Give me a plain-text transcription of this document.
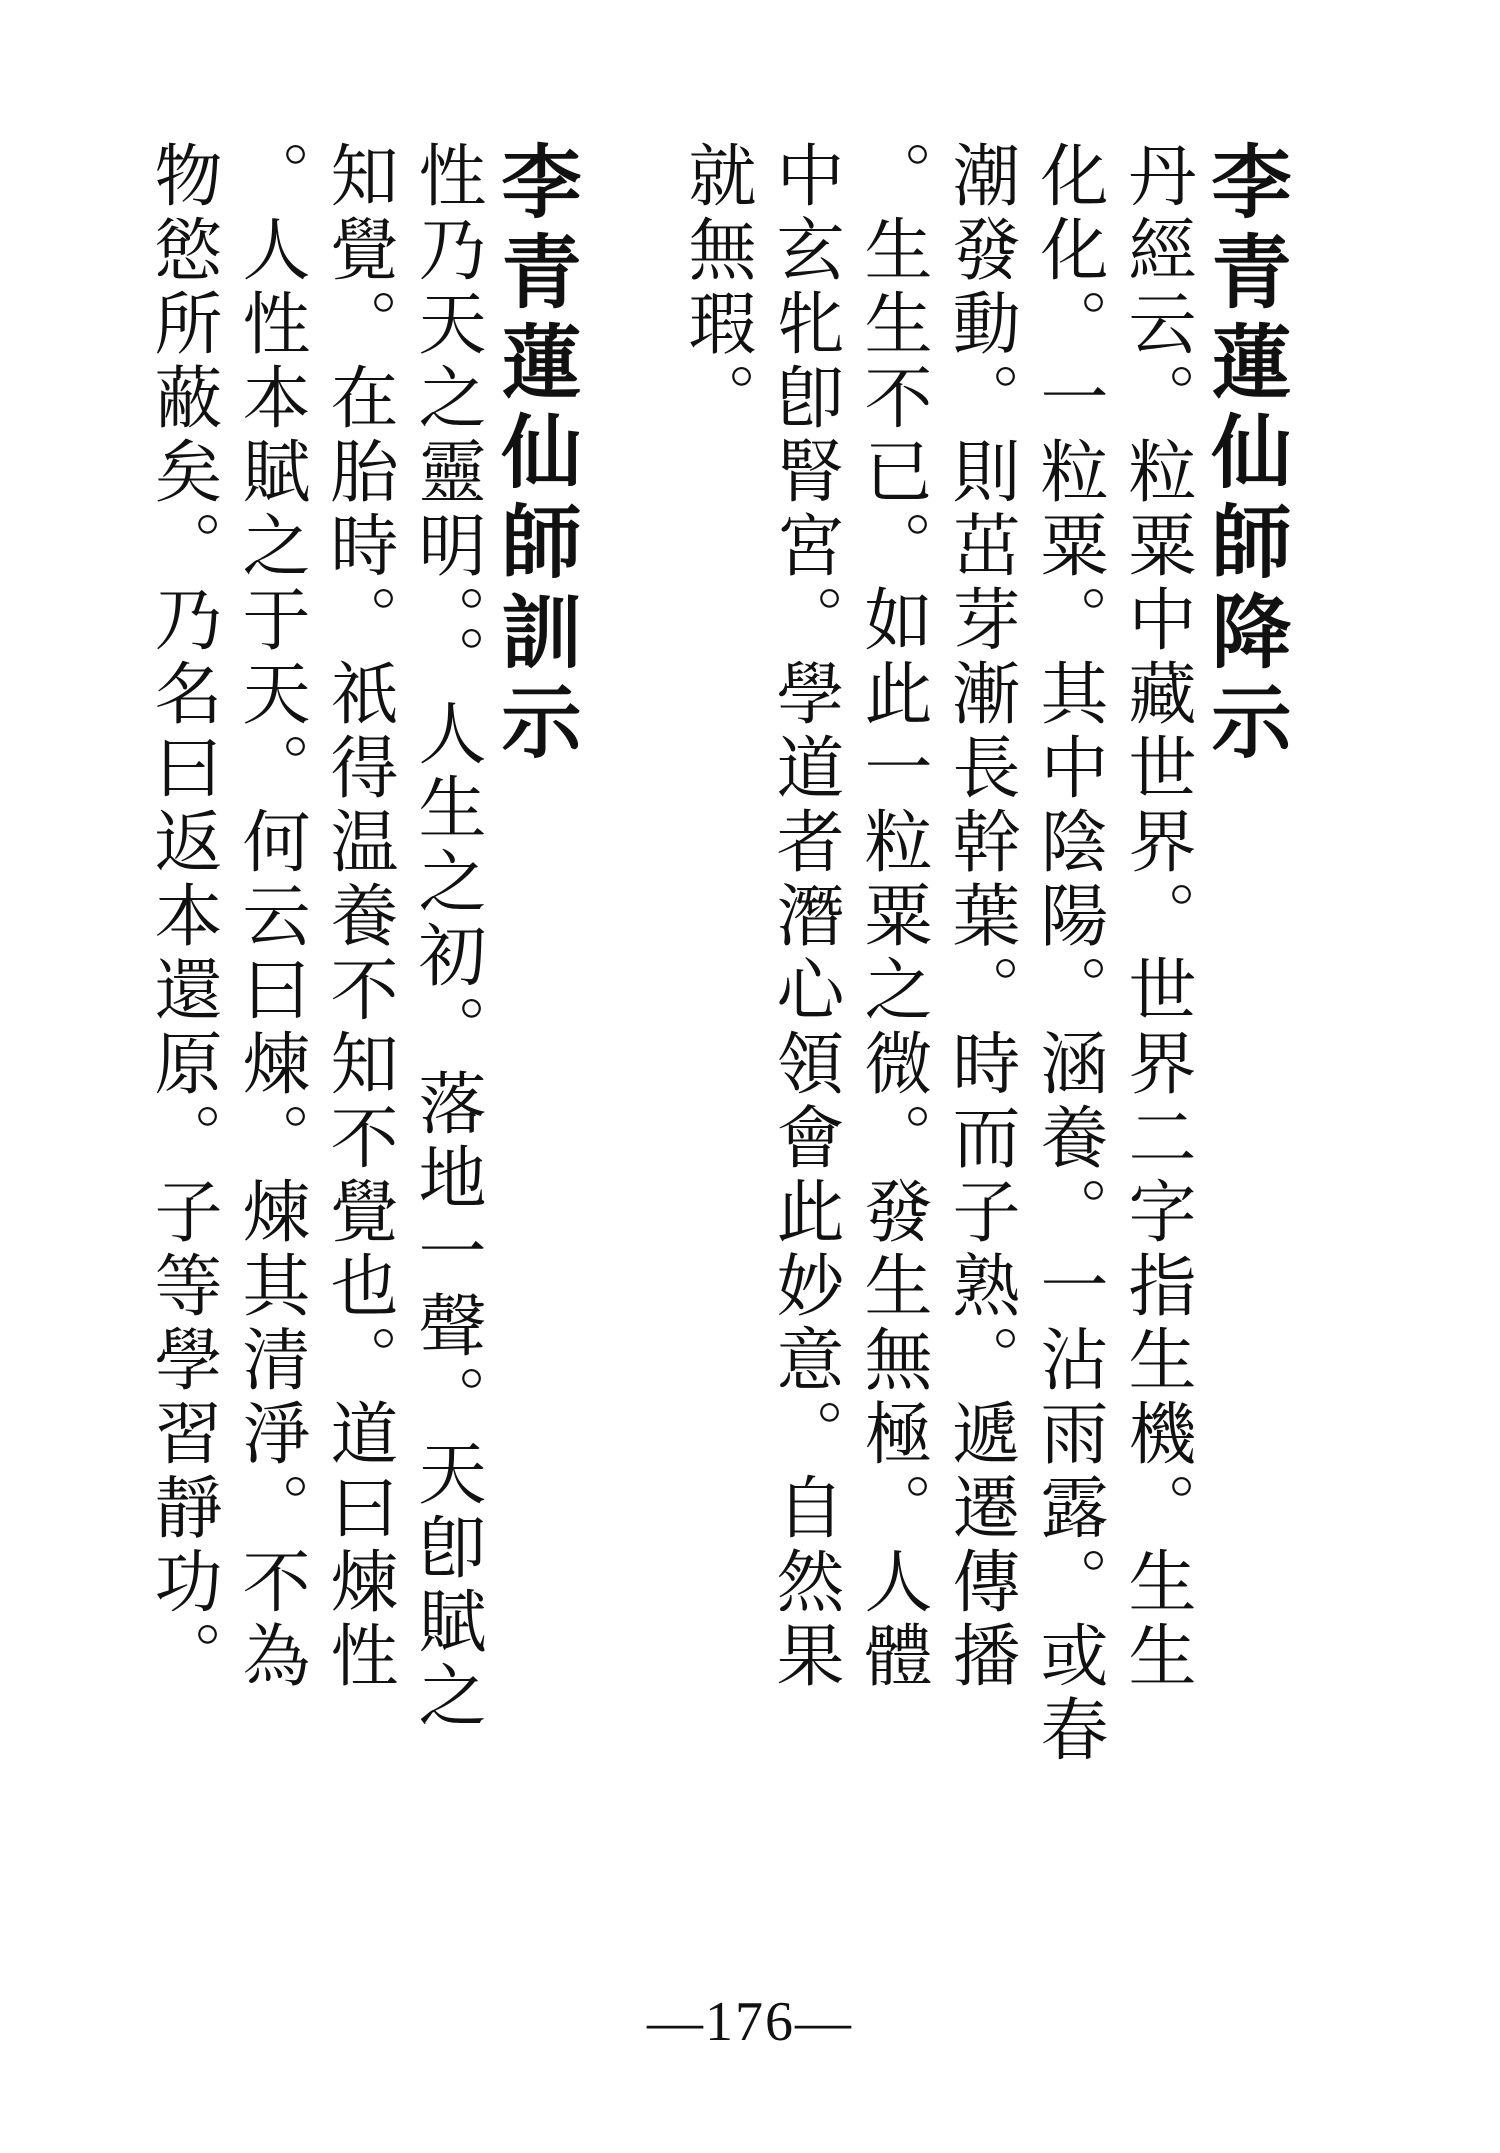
李青蓮仙師降示
丹經云。粒粟中藏世界。世界二字指生機。生生
化化。一粒粟。其中陰陽。涵養。一沾雨露。或春
潮發動。則茁芽漸長幹葉。時而子熟。遞遷傳播
。生生不已。如此一粒粟之微。發生無極。人體
中玄牝卽腎宮。學道者潛心領會此妙意。自然果
就無瑕。
李青蓮仙師訓示
性乃天之靈明。。人生之初。落地一聲。天卽賦之
知覺。在胎時。祇得温養不知不覺也。道曰煉性
。人性本賦之于天。何云曰煉。煉其清淨。不為
物慾所蔽矣。乃名曰返本還原。子等學習靜功。
—176—
